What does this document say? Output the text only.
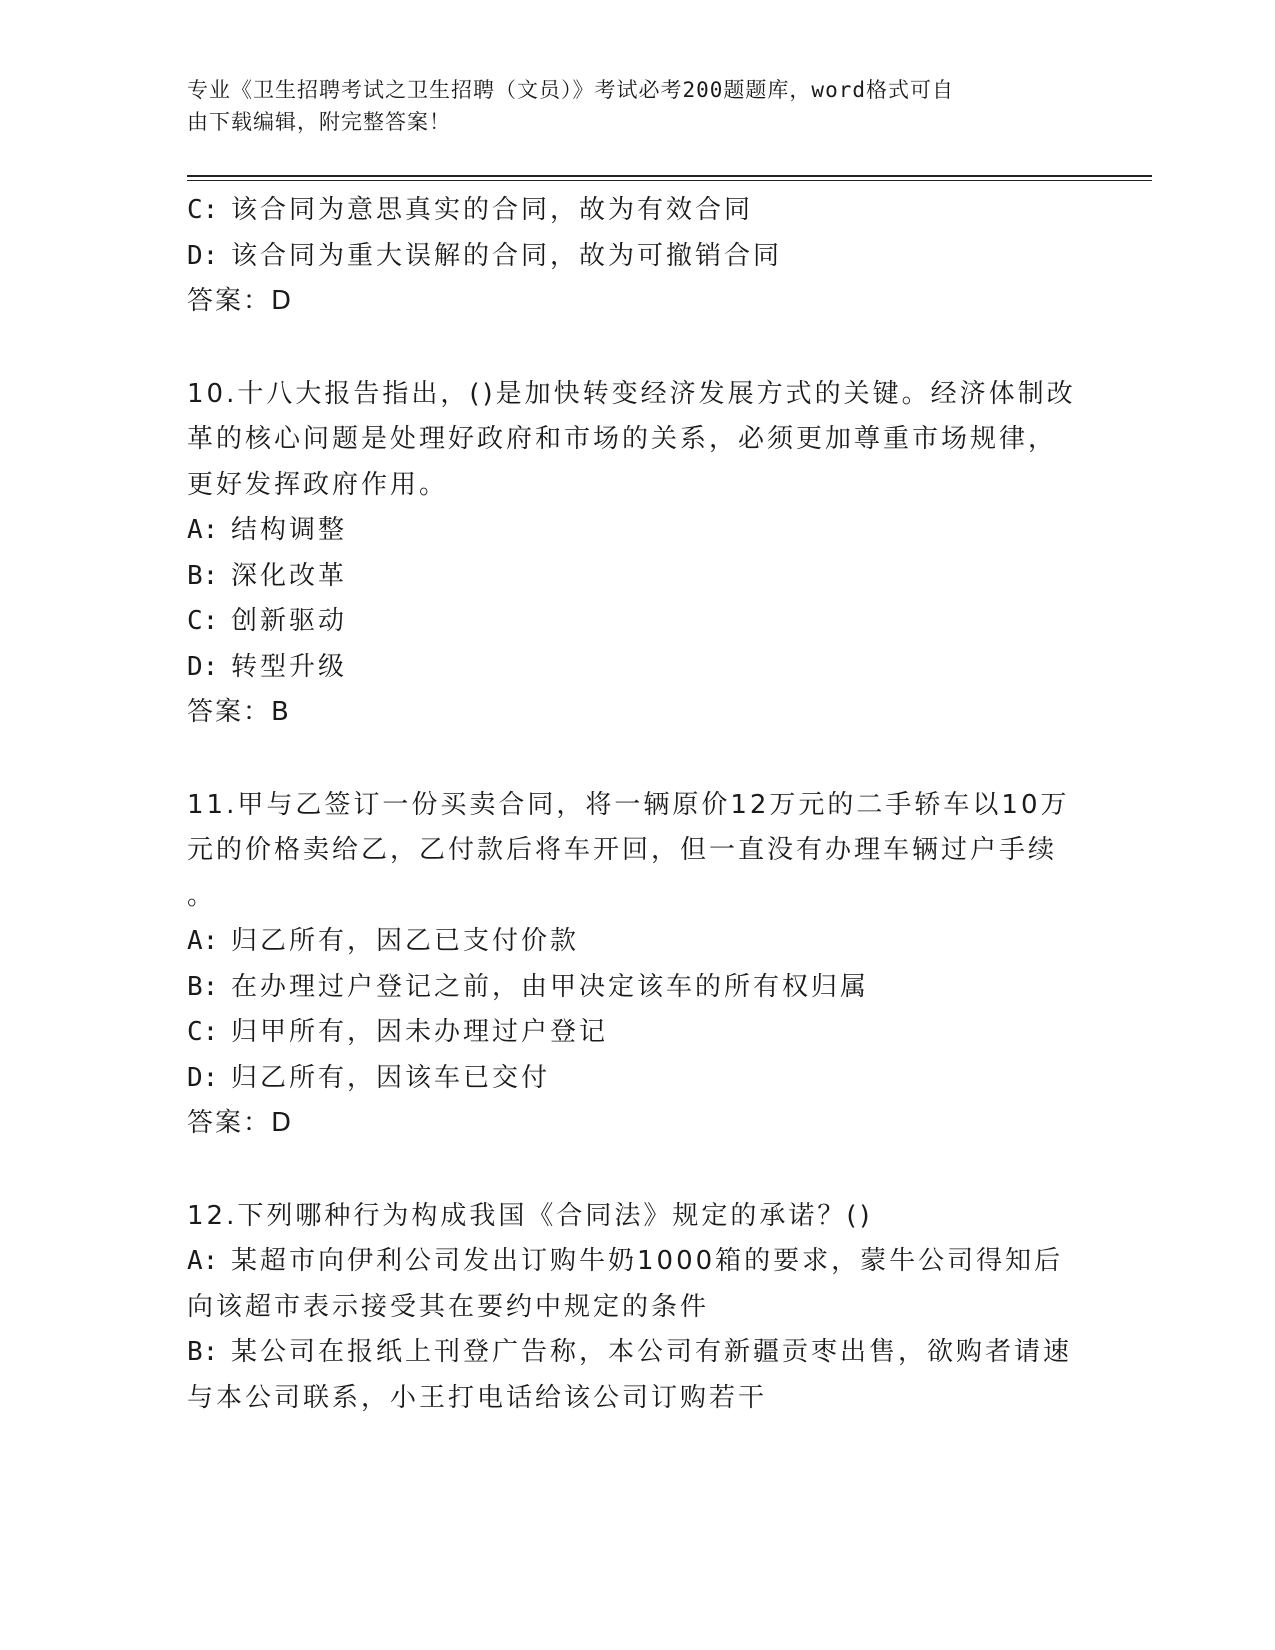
专业《卫生招聘考试之卫生招聘（文员）》考试必考200题题库，word格式可自
由下载编辑，附完整答案！
C: 该合同为意思真实的合同，故为有效合同
D: 该合同为重大误解的合同，故为可撤销合同
答案：D
10.十八大报告指出，()是加快转变经济发展方式的关键。经济体制改
革的核心问题是处理好政府和市场的关系，必须更加尊重市场规律，
更好发挥政府作用。
A: 结构调整
B: 深化改革
C: 创新驱动
D: 转型升级
答案：B
11.甲与乙签订一份买卖合同，将一辆原价12万元的二手轿车以10万
元的价格卖给乙，乙付款后将车开回，但一直没有办理车辆过户手续
。
A: 归乙所有，因乙已支付价款
B: 在办理过户登记之前，由甲决定该车的所有权归属
C: 归甲所有，因未办理过户登记
D: 归乙所有，因该车已交付
答案：D
12.下列哪种行为构成我国《合同法》规定的承诺？()
A: 某超市向伊利公司发出订购牛奶1000箱的要求，蒙牛公司得知后
向该超市表示接受其在要约中规定的条件
B: 某公司在报纸上刊登广告称，本公司有新疆贡枣出售，欲购者请速
与本公司联系，小王打电话给该公司订购若干
